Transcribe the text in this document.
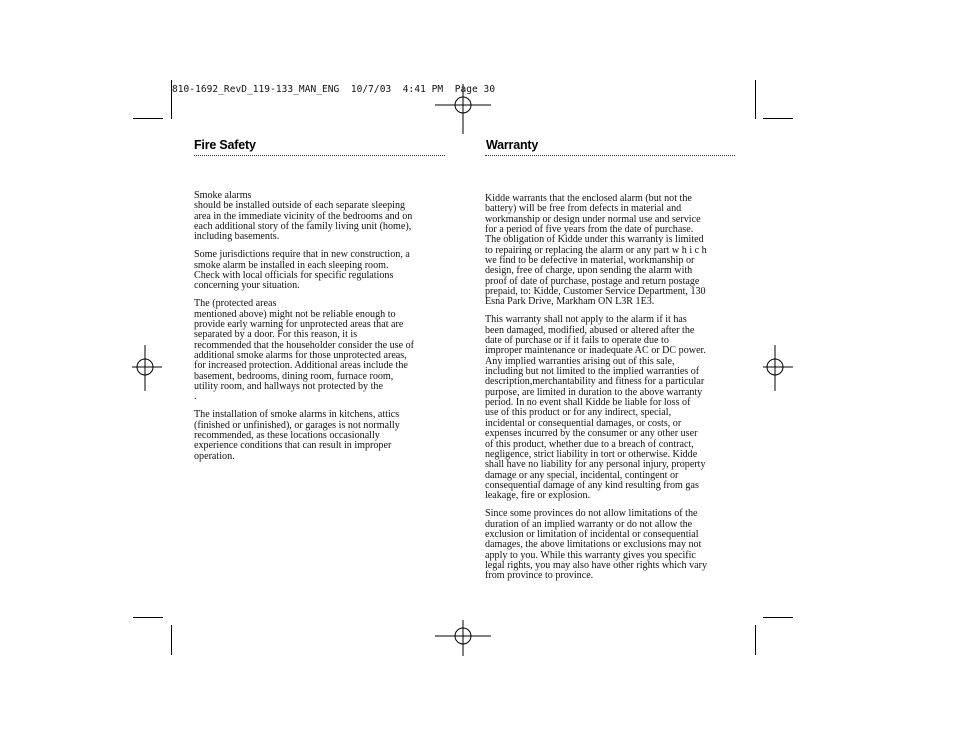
810-1692_RevD_119-133_MAN_ENG  10/7/03  4:41 PM  Page 30
Fire Safety

Smoke alarms
should be installed outside of each separate sleeping
area in the immediate vicinity of the bedrooms and on
each additional story of the family living unit (home),
including basements.

Some jurisdictions require that in new construction, a
smoke alarm be installed in each sleeping room.
Check with local officials for specific regulations
concerning your situation.

The (protected areas
mentioned above) might not be reliable enough to
provide early warning for unprotected areas that are
separated by a door. For this reason, it is
recommended that the householder consider the use of
additional smoke alarms for those unprotected areas,
for increased protection. Additional areas include the
basement, bedrooms, dining room, furnace room,
utility room, and hallways not protected by the
.

The installation of smoke alarms in kitchens, attics
(finished or unfinished), or garages is not normally
recommended, as these locations occasionally
experience conditions that can result in improper
operation.

Warranty

Kidde warrants that the enclosed alarm (but not the
battery) will be free from defects in material and
workmanship or design under normal use and service
for a period of five years from the date of purchase.
The obligation of Kidde under this warranty is limited
to repairing or replacing the alarm or any part w h i c h
we find to be defective in material, workmanship or
design, free of charge, upon sending the alarm with
proof of date of purchase, postage and return postage
prepaid, to: Kidde, Customer Service Department, 130
Esna Park Drive, Markham ON L3R 1E3.

This warranty shall not apply to the alarm if it has
been damaged, modified, abused or altered after the
date of purchase or if it fails to operate due to
improper maintenance or inadequate AC or DC power.
Any implied warranties arising out of this sale,
including but not limited to the implied warranties of
description,merchantability and fitness for a particular
purpose, are limited in duration to the above warranty
period. In no event shall Kidde be liable for loss of
use of this product or for any indirect, special,
incidental or consequential damages, or costs, or
expenses incurred by the consumer or any other user
of this product, whether due to a breach of contract,
negligence, strict liability in tort or otherwise. Kidde
shall have no liability for any personal injury, property
damage or any special, incidental, contingent or
consequential damage of any kind resulting from gas
leakage, fire or explosion.

Since some provinces do not allow limitations of the
duration of an implied warranty or do not allow the
exclusion or limitation of incidental or consequential
damages, the above limitations or exclusions may not
apply to you. While this warranty gives you specific
legal rights, you may also have other rights which vary
from province to province.
